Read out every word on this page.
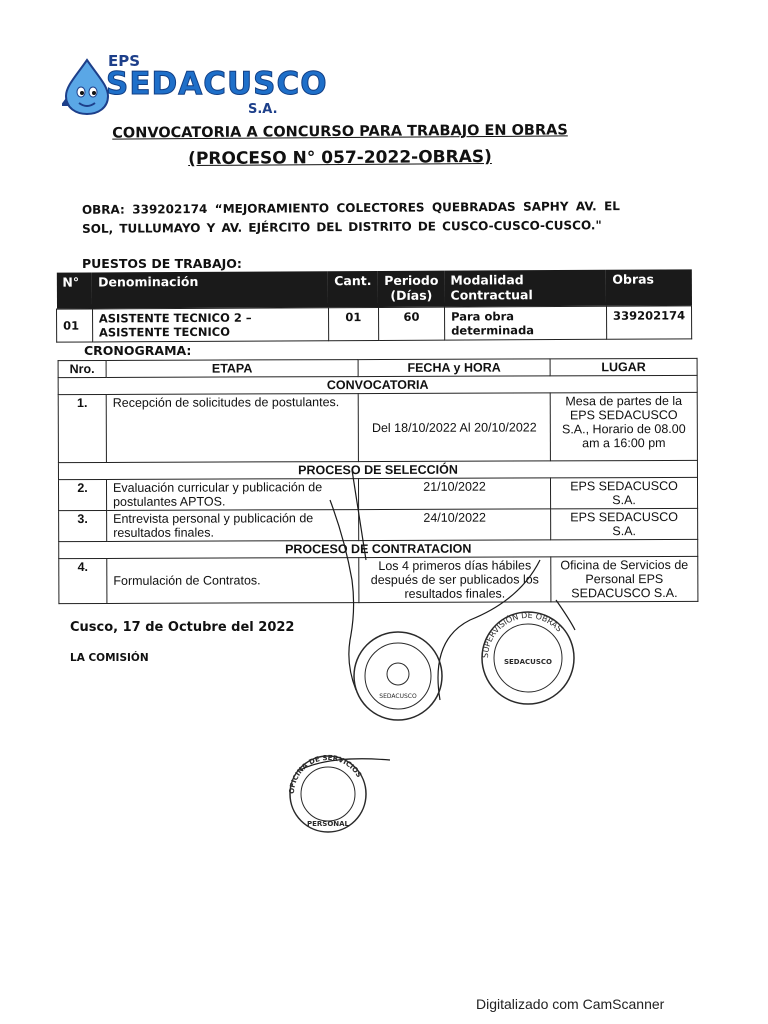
EPS
SEDACUSCO
S.A.
CONVOCATORIA A CONCURSO PARA TRABAJO EN OBRAS
(PROCESO N° 057-2022-OBRAS)
OBRA: 339202174 “MEJORAMIENTO COLECTORES QUEBRADAS SAPHY AV. EL SOL, TULLUMAYO Y AV. EJÉRCITO DEL DISTRITO DE CUSCO-CUSCO-CUSCO."
PUESTOS DE TRABAJO:
N°	Denominación	Cant.	Periodo (Días)	Modalidad Contractual	Obras
01	ASISTENTE TECNICO 2 – ASISTENTE TECNICO	01	60	Para obra determinada	339202174
CRONOGRAMA:
Nro.	ETAPA	FECHA y HORA	LUGAR
CONVOCATORIA			
1.	Recepción de solicitudes de postulantes.	Del 18/10/2022 Al 20/10/2022	Mesa de partes de la EPS SEDACUSCO S.A., Horario de 08.00 am a 16:00 pm
PROCESO DE SELECCIÓN			
2.	Evaluación curricular y publicación de postulantes APTOS.	21/10/2022	EPS SEDACUSCO S.A.
3.	Entrevista personal y publicación de resultados finales.	24/10/2022	EPS SEDACUSCO S.A.
PROCESO DE CONTRATACION			
4.	Formulación de Contratos.	Los 4 primeros días hábiles después de ser publicados los resultados finales.	Oficina de Servicios de Personal EPS SEDACUSCO S.A.
Cusco, 17 de Octubre del 2022
LA COMISIÓN
SEDACUSCO
SUPERVISIÓN DE OBRAS
SEDACUSCO
OFICINA DE SERVICIOS
PERSONAL
Digitalizado com CamScanner
